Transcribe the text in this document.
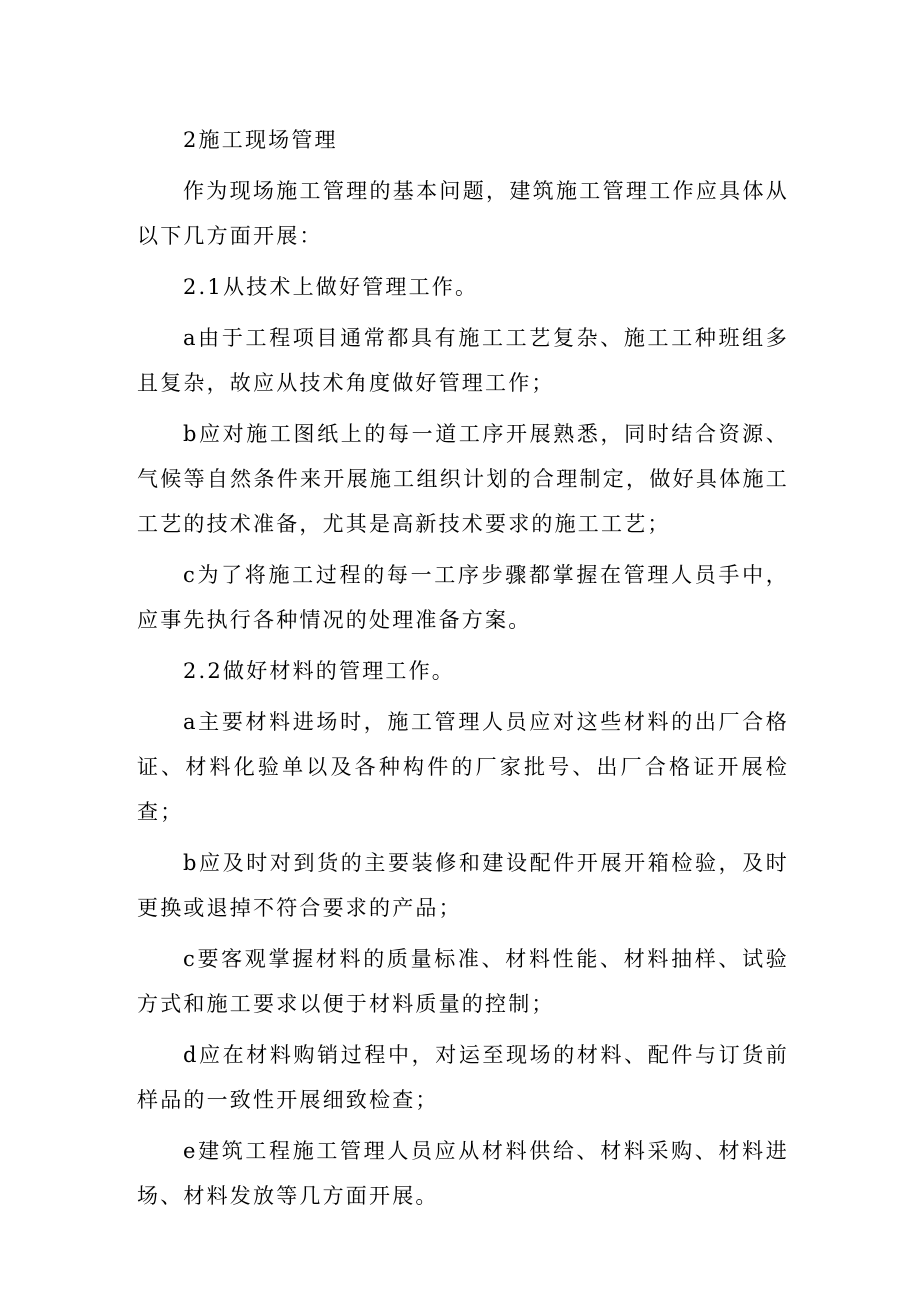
2施工现场管理

作为现场施工管理的基本问题，建筑施工管理工作应具体从以下几方面开展：

2.1从技术上做好管理工作。

a由于工程项目通常都具有施工工艺复杂、施工工种班组多且复杂，故应从技术角度做好管理工作；

b应对施工图纸上的每一道工序开展熟悉，同时结合资源、气候等自然条件来开展施工组织计划的合理制定，做好具体施工工艺的技术准备，尤其是高新技术要求的施工工艺；

c为了将施工过程的每一工序步骤都掌握在管理人员手中，应事先执行各种情况的处理准备方案。

2.2做好材料的管理工作。

a主要材料进场时，施工管理人员应对这些材料的出厂合格证、材料化验单以及各种构件的厂家批号、出厂合格证开展检查；

b应及时对到货的主要装修和建设配件开展开箱检验，及时更换或退掉不符合要求的产品；

c要客观掌握材料的质量标准、材料性能、材料抽样、试验方式和施工要求以便于材料质量的控制；

d应在材料购销过程中，对运至现场的材料、配件与订货前样品的一致性开展细致检查；

e建筑工程施工管理人员应从材料供给、材料采购、材料进场、材料发放等几方面开展。
